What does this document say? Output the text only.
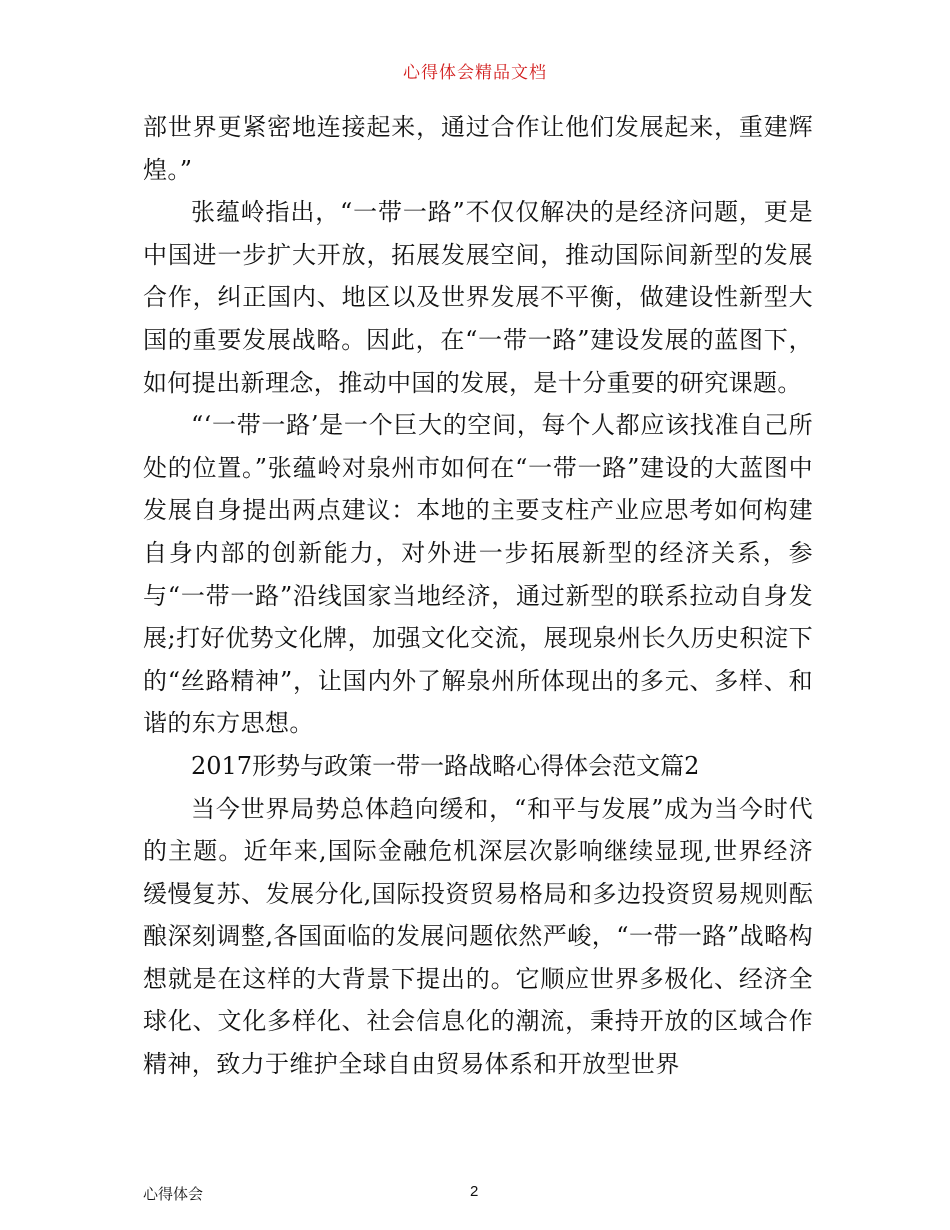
心得体会精品文档

部世界更紧密地连接起来，通过合作让他们发展起来，重建辉煌。”

张蕴岭指出，“一带一路”不仅仅解决的是经济问题，更是中国进一步扩大开放，拓展发展空间，推动国际间新型的发展合作，纠正国内、地区以及世界发展不平衡，做建设性新型大国的重要发展战略。因此，在“一带一路”建设发展的蓝图下，如何提出新理念，推动中国的发展，是十分重要的研究课题。

“‘一带一路’是一个巨大的空间，每个人都应该找准自己所处的位置。”张蕴岭对泉州市如何在“一带一路”建设的大蓝图中发展自身提出两点建议：本地的主要支柱产业应思考如何构建自身内部的创新能力，对外进一步拓展新型的经济关系，参与“一带一路”沿线国家当地经济，通过新型的联系拉动自身发展;打好优势文化牌，加强文化交流，展现泉州长久历史积淀下的“丝路精神”，让国内外了解泉州所体现出的多元、多样、和谐的东方思想。

2017形势与政策一带一路战略心得体会范文篇2

当今世界局势总体趋向缓和，“和平与发展”成为当今时代的主题。近年来,国际金融危机深层次影响继续显现,世界经济缓慢复苏、发展分化,国际投资贸易格局和多边投资贸易规则酝酿深刻调整,各国面临的发展问题依然严峻，“一带一路”战略构想就是在这样的大背景下提出的。它顺应世界多极化、经济全球化、文化多样化、社会信息化的潮流，秉持开放的区域合作精神，致力于维护全球自由贸易体系和开放型世界

心得体会	2
